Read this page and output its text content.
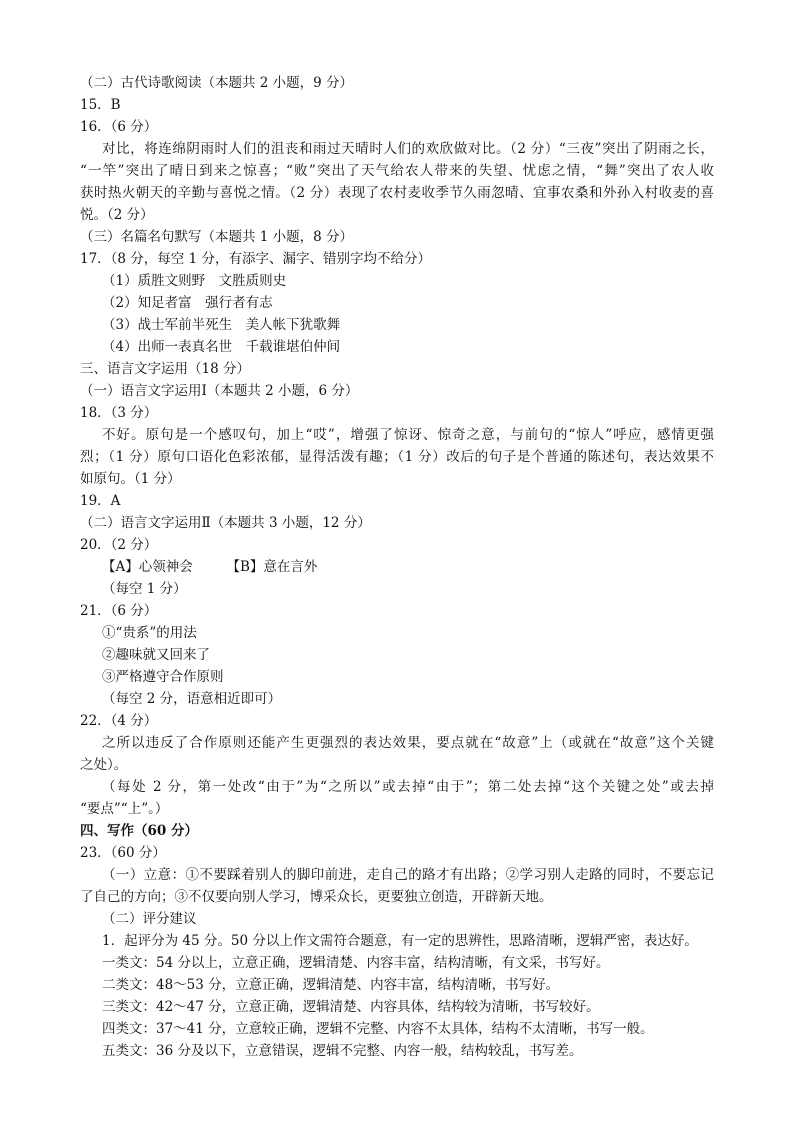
（二）古代诗歌阅读（本题共 2 小题，9 分）
15．B
16．（6 分）
对比，将连绵阴雨时人们的沮丧和雨过天晴时人们的欢欣做对比。（2 分）“三夜”突出了阴雨之长，
“一竿”突出了晴日到来之惊喜；“败”突出了天气给农人带来的失望、忧虑之情，“舞”突出了农人收
获时热火朝天的辛勤与喜悦之情。（2 分）表现了农村麦收季节久雨忽晴、宜事农桑和外孙入村收麦的喜
悦。（2 分）
（三）名篇名句默写（本题共 1 小题，8 分）
17．（8 分，每空 1 分，有添字、漏字、错别字均不给分）
（1）质胜文则野　文胜质则史
（2）知足者富　强行者有志
（3）战士军前半死生　美人帐下犹歌舞
（4）出师一表真名世　千载谁堪伯仲间
三、语言文字运用（18 分）
（一）语言文字运用Ⅰ（本题共 2 小题，6 分）
18．（3 分）
不好。原句是一个感叹句，加上“哎”，增强了惊讶、惊奇之意，与前句的“惊人”呼应，感情更强
烈；（1 分）原句口语化色彩浓郁，显得活泼有趣；（1 分）改后的句子是个普通的陈述句，表达效果不
如原句。（1 分）
19．A
（二）语言文字运用Ⅱ（本题共 3 小题，12 分）
20．（2 分）
【A】心领神会　　　【B】意在言外
（每空 1 分）
21．（6 分）
①“贵系”的用法
②趣味就又回来了
③严格遵守合作原则
（每空 2 分，语意相近即可）
22．（4 分）
之所以违反了合作原则还能产生更强烈的表达效果，要点就在“故意”上（或就在“故意”这个关键
之处）。
（每处 2 分，第一处改“由于”为“之所以”或去掉“由于”；第二处去掉“这个关键之处”或去掉
“要点”“上”。）
四、写作（60 分）
23．（60 分）
（一）立意：①不要踩着别人的脚印前进，走自己的路才有出路；②学习别人走路的同时，不要忘记
了自己的方向；③不仅要向别人学习，博采众长，更要独立创造，开辟新天地。
（二）评分建议
1．起评分为 45 分。50 分以上作文需符合题意，有一定的思辨性，思路清晰，逻辑严密，表达好。
一类文：54 分以上，立意正确，逻辑清楚、内容丰富，结构清晰，有文采，书写好。
二类文：48～53 分，立意正确，逻辑清楚、内容丰富，结构清晰，书写好。
三类文：42～47 分，立意正确，逻辑清楚、内容具体，结构较为清晰，书写较好。
四类文：37～41 分，立意较正确，逻辑不完整、内容不太具体，结构不太清晰，书写一般。
五类文：36 分及以下，立意错误，逻辑不完整、内容一般，结构较乱，书写差。
